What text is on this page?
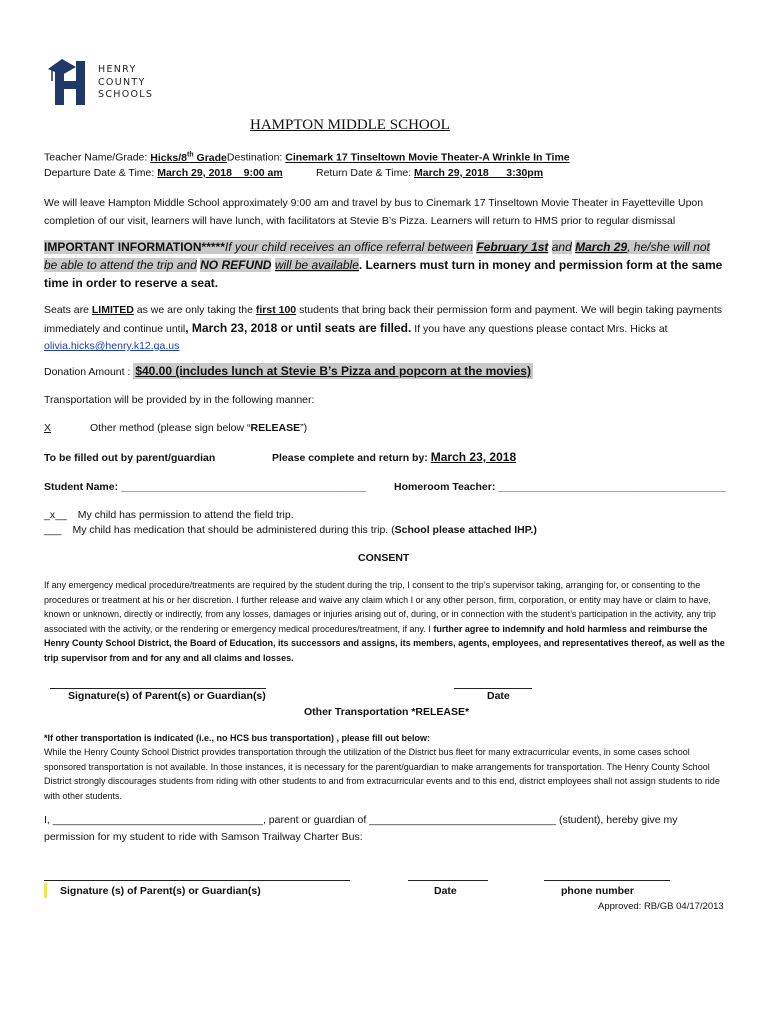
HENRY
COUNTY
SCHOOLS
HAMPTON MIDDLE SCHOOL
Teacher Name/Grade: Hicks/8th GradeDestination: Cinemark 17 Tinseltown Movie Theater-A Wrinkle In Time
Departure Date & Time: March 29, 2018    9:00 am	Return Date & Time: March 29, 2018      3:30pm
We will leave Hampton Middle School approximately 9:00 am and travel by bus to Cinemark 17 Tinseltown Movie Theater in Fayetteville Upon completion of our visit, learners will have lunch, with facilitators at Stevie B’s Pizza. Learners will return to HMS prior to regular dismissal
IMPORTANT INFORMATION*****If your child receives an office referral between February 1st and March 29, he/she will not be able to attend the trip and NO REFUND will be available. Learners must turn in money and permission form at the same time in order to reserve a seat.
Seats are LIMITED as we are only taking the first 100 students that bring back their permission form and payment. We will begin taking payments immediately and continue until, March 23, 2018 or until seats are filled. If you have any questions please contact Mrs. Hicks at
olivia.hicks@henry.k12.ga.us
Donation Amount : $40.00 (includes lunch at Stevie B’s Pizza and popcorn at the movies)
Transportation will be provided by in the following manner:
X	Other method (please sign below “RELEASE”)
To be filled out by parent/guardian	Please complete and return by: March 23, 2018
Student Name: __________________________________________	Homeroom Teacher: _______________________________________
_x__ My child has permission to attend the field trip.
___ My child has medication that should be administered during this trip. (School please attached IHP.)
CONSENT
If any emergency medical procedure/treatments are required by the student during the trip, I consent to the trip’s supervisor taking, arranging for, or consenting to the procedures or treatment at his or her discretion. I further release and waive any claim which I or any other person, firm, corporation, or entity may have or claim to have, known or unknown, directly or indirectly, from any losses, damages or injuries arising out of, during, or in connection with the student’s participation in the activity, any trip associated with the activity, or the rendering or emergency medical procedures/treatment, if any. I further agree to indemnify and hold harmless and reimburse the Henry County School District, the Board of Education, its successors and assigns, its members, agents, employees, and representatives thereof, as well as the trip supervisor from and for any and all claims and losses.
Signature(s) of Parent(s) or Guardian(s)	Date
Other Transportation *RELEASE*
*If other transportation is indicated (i.e., no HCS bus transportation) , please fill out below:
While the Henry County School District provides transportation through the utilization of the District bus fleet for many extracurricular events, in some cases school sponsored transportation is not available. In those instances, it is necessary for the parent/guardian to make arrangements for transportation. The Henry County School District strongly discourages students from riding with other students to and from extracurricular events and to this end, district employees shall not assign students to ride with other students.
I, ____________________________________, parent or guardian of ________________________________ (student), hereby give my
permission for my student to ride with Samson Trailway Charter Bus:
Signature (s) of Parent(s) or Guardian(s)	Date	phone number
Approved: RB/GB 04/17/2013
